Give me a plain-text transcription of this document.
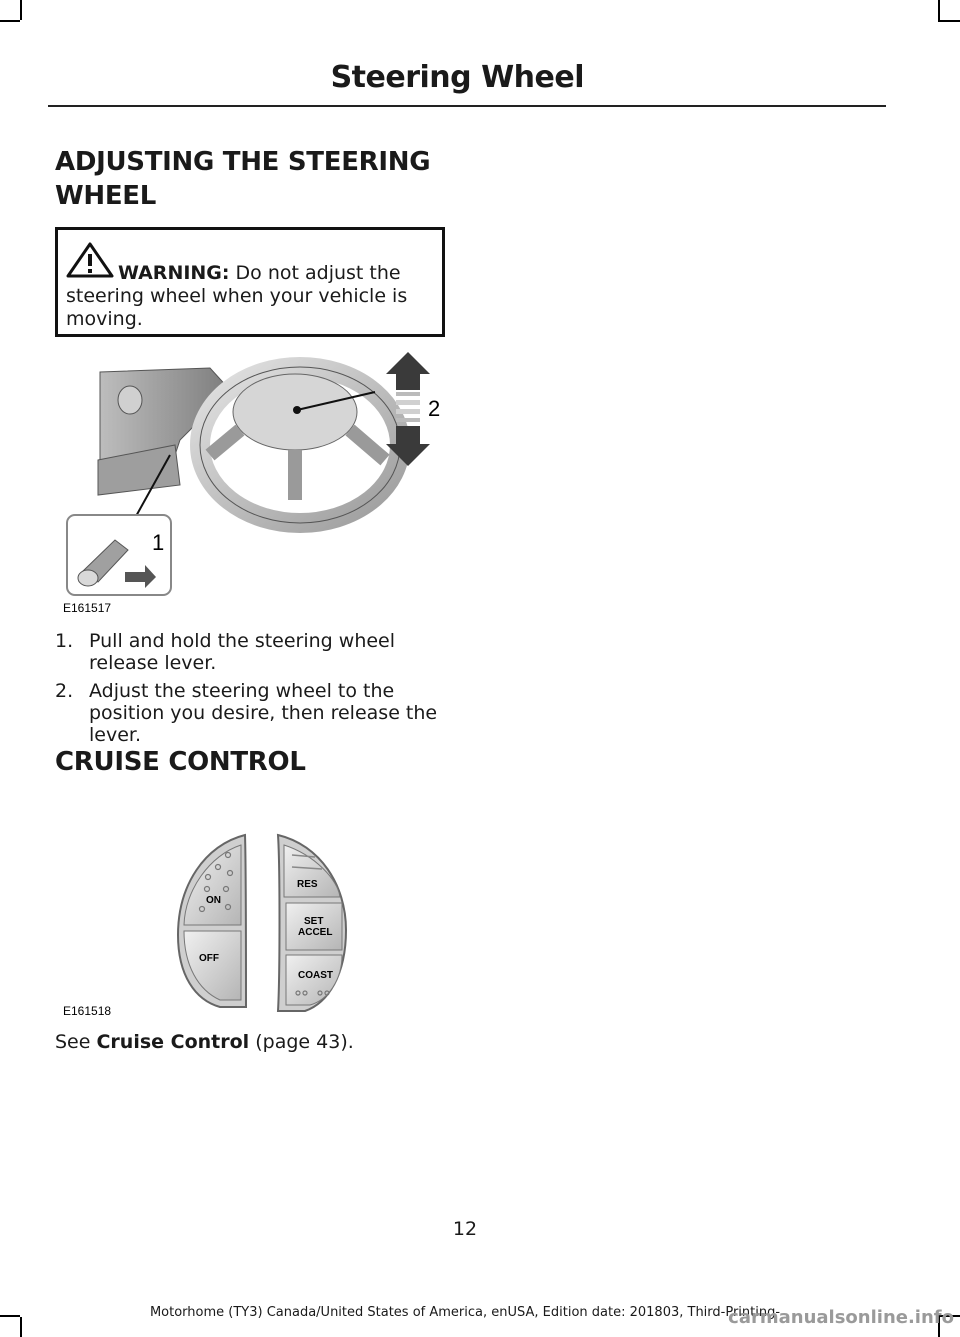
Steering Wheel
ADJUSTING THE STEERING
WHEEL
WARNING: Do not adjust the steering wheel when your vehicle is moving.
2
1
E161517
1. Pull and hold the steering wheel release lever.
2. Adjust the steering wheel to the position you desire, then release the lever.
CRUISE CONTROL
ON
OFF
RES
SET
ACCEL
COAST
E161518
See Cruise Control (page 43).
12
Motorhome (TY3) Canada/United States of America, enUSA, Edition date: 201803, Third-Printing-
carmanualsonline.info
